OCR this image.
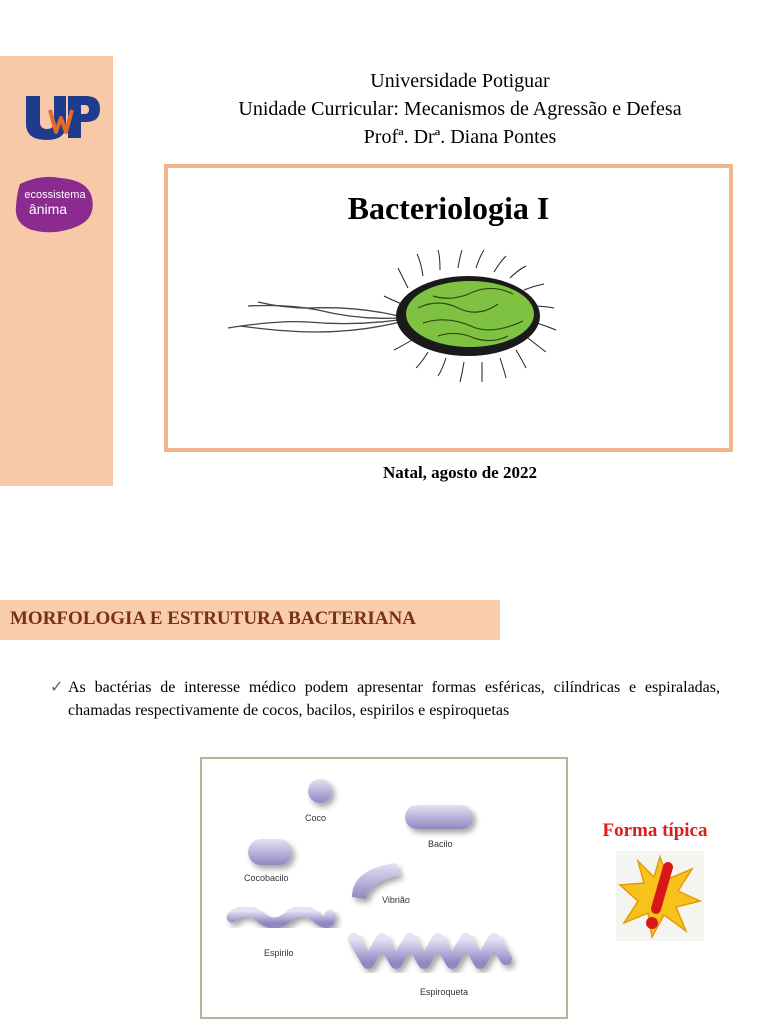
ecossistema
ânima
Universidade Potiguar
Unidade Curricular: Mecanismos de Agressão e Defesa
Profª. Drª. Diana Pontes
Bacteriologia I
Natal, agosto de 2022
MORFOLOGIA E ESTRUTURA BACTERIANA
✓ As bactérias de interesse médico podem apresentar formas esféricas, cilíndricas e espiraladas, chamadas respectivamente de cocos, bacilos, espirilos e espiroquetas
Coco
Bacilo
Cocobacilo
Vibrião
Espirilo
Espiroqueta
Forma típica
